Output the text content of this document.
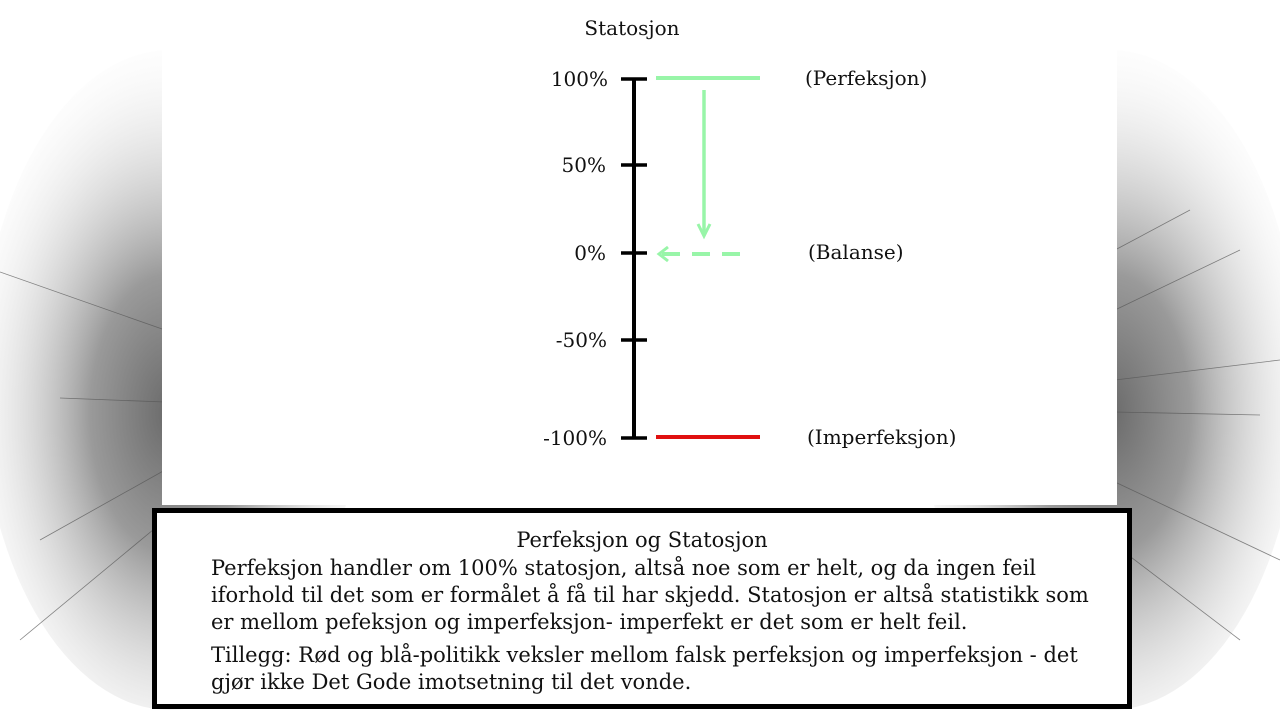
Statosjon
100%
50%
0%
-50%
-100%
(Perfeksjon)
(Balanse)
(Imperfeksjon)
Perfeksjon og Statosjon
Perfeksjon handler om 100% statosjon, altså noe som er helt, og da ingen feil iforhold til det som er formålet å få til har skjedd. Statosjon er altså statistikk som er mellom pefeksjon og imperfeksjon- imperfekt er det som er helt feil.
Tillegg: Rød og blå-politikk veksler mellom falsk perfeksjon og imperfeksjon - det gjør ikke Det Gode imotsetning til det vonde.
